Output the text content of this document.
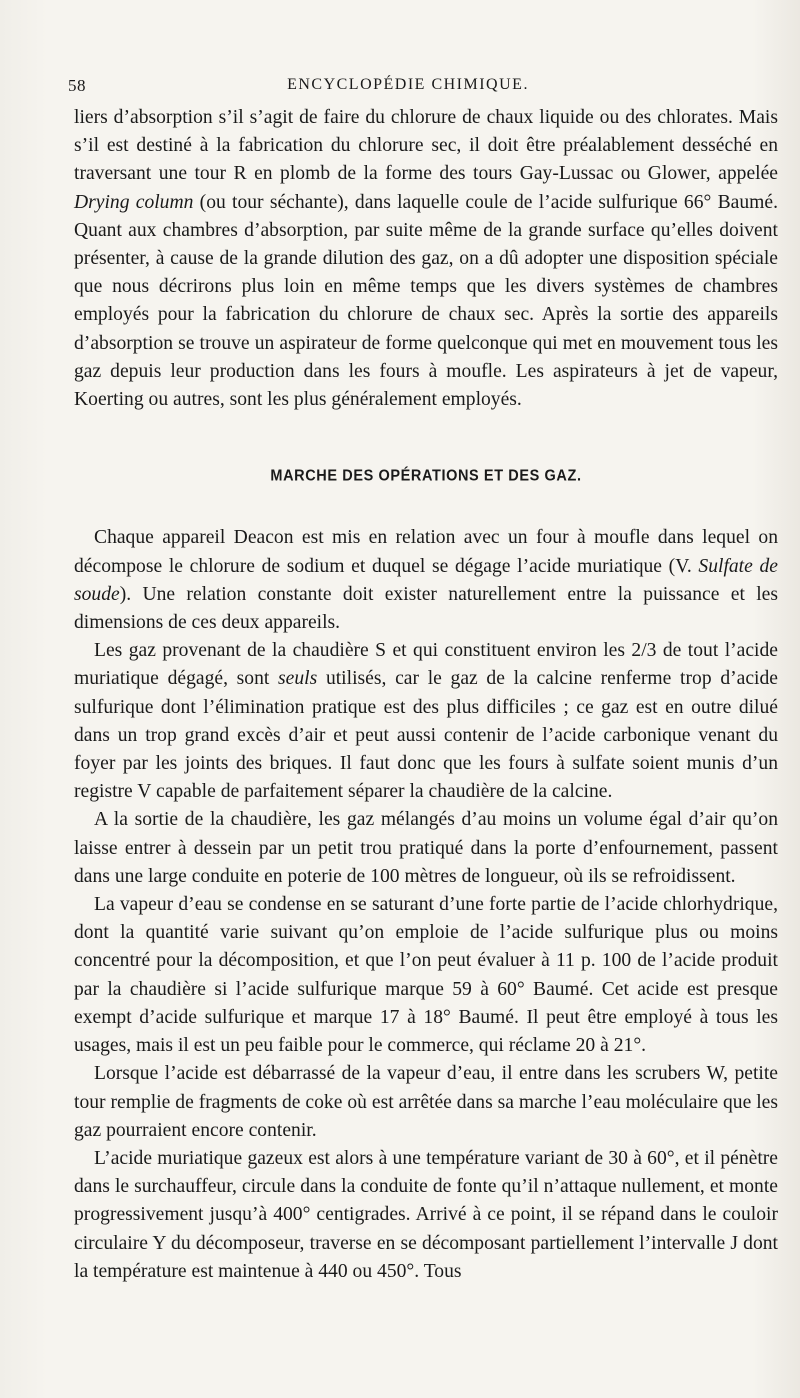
58	ENCYCLOPÉDIE CHIMIQUE.

liers d’absorption s’il s’agit de faire du chlorure de chaux liquide ou des chlorates. Mais s’il est destiné à la fabrication du chlorure sec, il doit être préalablement desséché en traversant une tour R en plomb de la forme des tours Gay-Lussac ou Glower, appelée Drying column (ou tour séchante), dans laquelle coule de l’acide sulfurique 66° Baumé. Quant aux chambres d’absorption, par suite même de la grande surface qu’elles doivent présenter, à cause de la grande dilution des gaz, on a dû adopter une disposition spéciale que nous décrirons plus loin en même temps que les divers systèmes de chambres employés pour la fabrication du chlorure de chaux sec. Après la sortie des appareils d’absorption se trouve un aspirateur de forme quelconque qui met en mouvement tous les gaz depuis leur production dans les fours à moufle. Les aspirateurs à jet de vapeur, Koerting ou autres, sont les plus généralement employés.

MARCHE DES OPÉRATIONS ET DES GAZ.

Chaque appareil Deacon est mis en relation avec un four à moufle dans lequel on décompose le chlorure de sodium et duquel se dégage l’acide muriatique (V. Sulfate de soude). Une relation constante doit exister naturellement entre la puissance et les dimensions de ces deux appareils.

Les gaz provenant de la chaudière S et qui constituent environ les 2/3 de tout l’acide muriatique dégagé, sont seuls utilisés, car le gaz de la calcine renferme trop d’acide sulfurique dont l’élimination pratique est des plus difficiles ; ce gaz est en outre dilué dans un trop grand excès d’air et peut aussi contenir de l’acide carbonique venant du foyer par les joints des briques. Il faut donc que les fours à sulfate soient munis d’un registre V capable de parfaitement séparer la chaudière de la calcine.

A la sortie de la chaudière, les gaz mélangés d’au moins un volume égal d’air qu’on laisse entrer à dessein par un petit trou pratiqué dans la porte d’enfournement, passent dans une large conduite en poterie de 100 mètres de longueur, où ils se refroidissent.

La vapeur d’eau se condense en se saturant d’une forte partie de l’acide chlorhydrique, dont la quantité varie suivant qu’on emploie de l’acide sulfurique plus ou moins concentré pour la décomposition, et que l’on peut évaluer à 11 p. 100 de l’acide produit par la chaudière si l’acide sulfurique marque 59 à 60° Baumé. Cet acide est presque exempt d’acide sulfurique et marque 17 à 18° Baumé. Il peut être employé à tous les usages, mais il est un peu faible pour le commerce, qui réclame 20 à 21°.

Lorsque l’acide est débarrassé de la vapeur d’eau, il entre dans les scrubers W, petite tour remplie de fragments de coke où est arrêtée dans sa marche l’eau moléculaire que les gaz pourraient encore contenir.

L’acide muriatique gazeux est alors à une température variant de 30 à 60°, et il pénètre dans le surchauffeur, circule dans la conduite de fonte qu’il n’attaque nullement, et monte progressivement jusqu’à 400° centigrades. Arrivé à ce point, il se répand dans le couloir circulaire Y du décomposeur, traverse en se décomposant partiellement l’intervalle J dont la température est maintenue à 440 ou 450°. Tous
